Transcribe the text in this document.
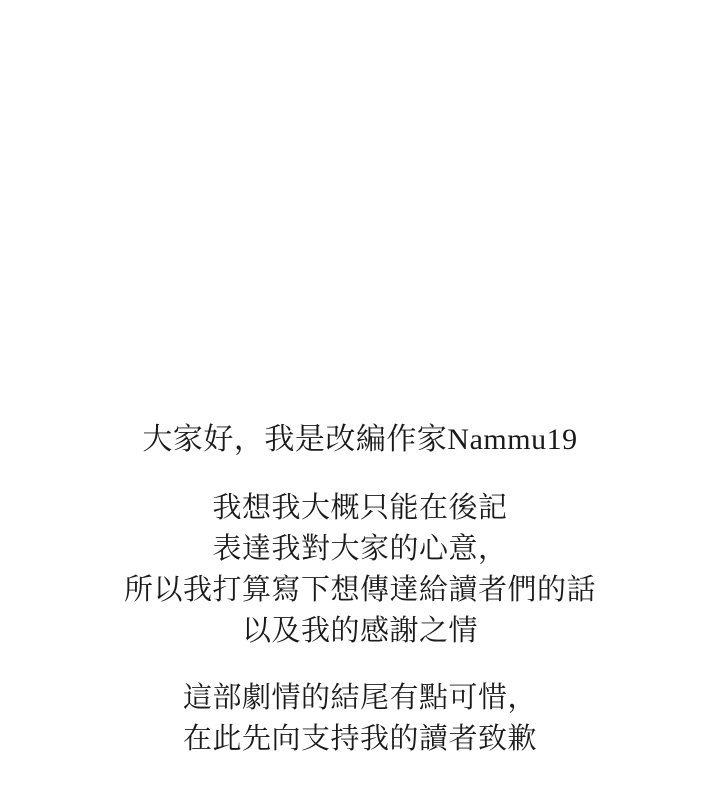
大家好，我是改編作家Nammu19
我想我大概只能在後記
表達我對大家的心意，
所以我打算寫下想傳達給讀者們的話
以及我的感謝之情
這部劇情的結尾有點可惜，
在此先向支持我的讀者致歉
